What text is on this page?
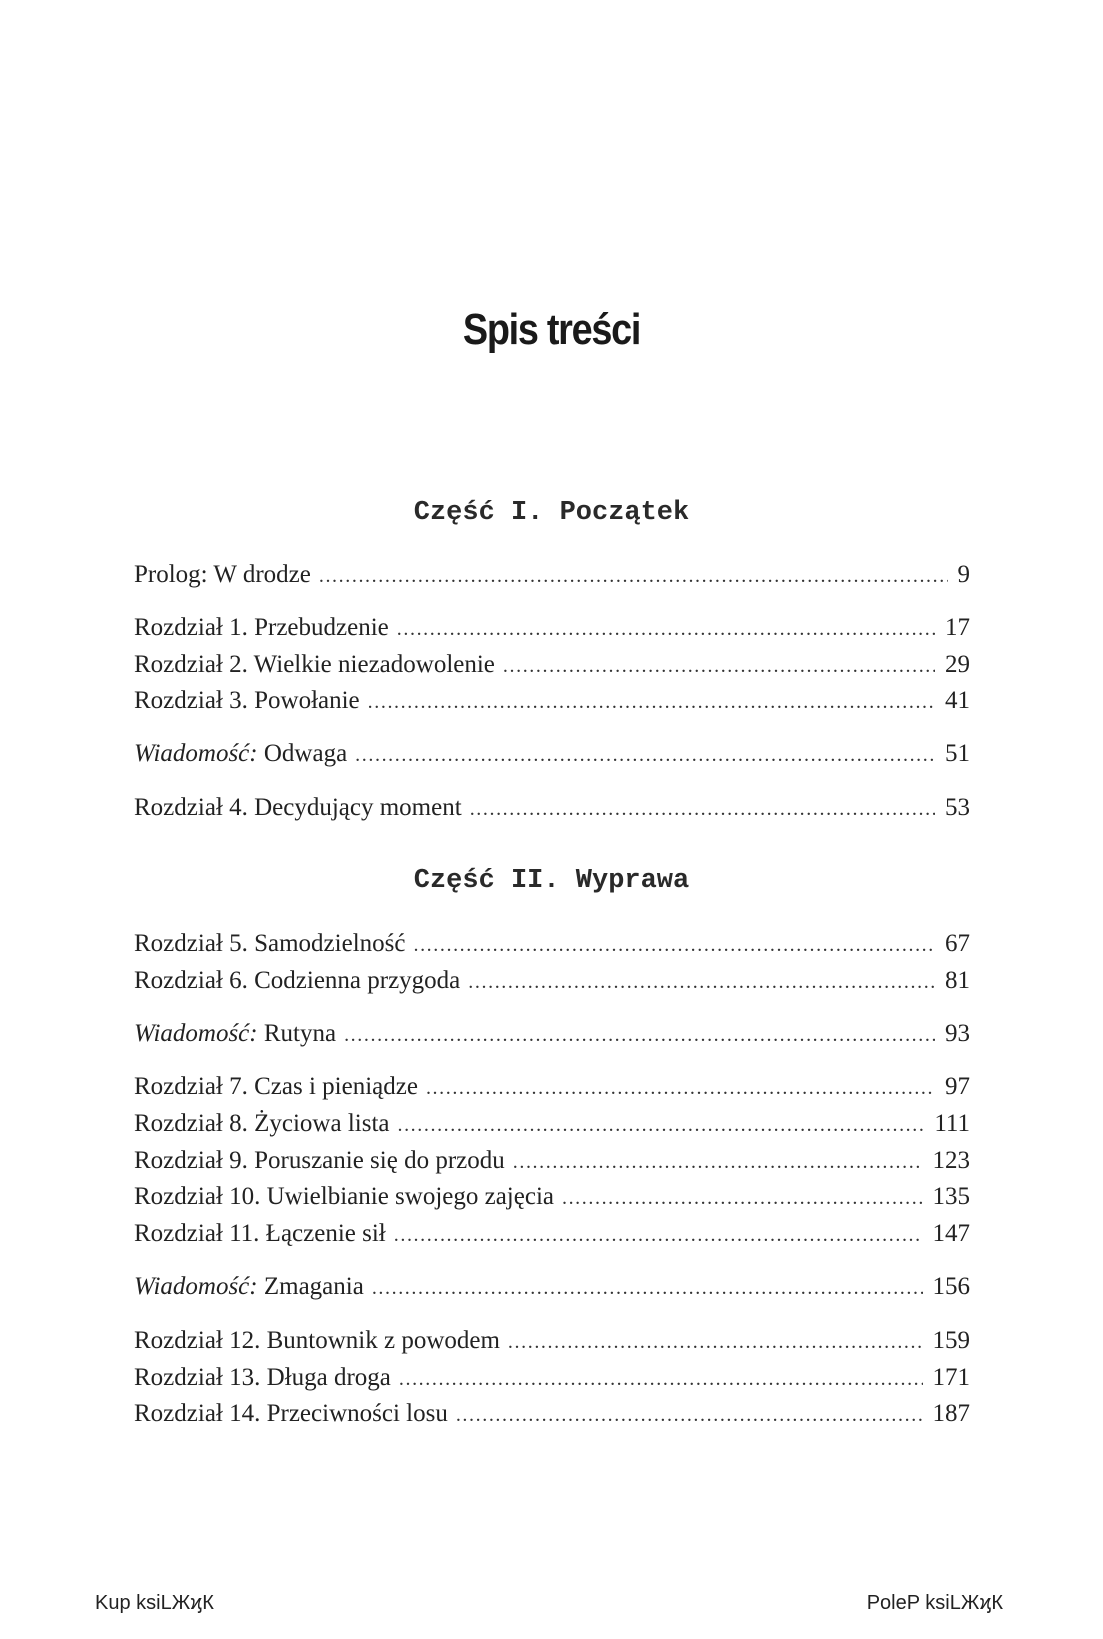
Spis treści
Część I. Początek
Prolog: W drodze .....	9
Rozdział 1. Przebudzenie .....	17
Rozdział 2. Wielkie niezadowolenie .....	29
Rozdział 3. Powołanie .....	41
Wiadomość: Odwaga .....	51
Rozdział 4. Decydujący moment .....	53
Część II. Wyprawa
Rozdział 5. Samodzielność .....	67
Rozdział 6. Codzienna przygoda .....	81
Wiadomość: Rutyna .....	93
Rozdział 7. Czas i pieniądze .....	97
Rozdział 8. Życiowa lista .....	111
Rozdział 9. Poruszanie się do przodu .....	123
Rozdział 10. Uwielbianie swojego zajęcia .....	135
Rozdział 11. Łączenie sił .....	147
Wiadomość: Zmagania .....	156
Rozdział 12. Buntownik z powodem .....	159
Rozdział 13. Długa droga .....	171
Rozdział 14. Przeciwności losu .....	187
Kup ksiLЖϗК	PoleP ksiLЖϗК
